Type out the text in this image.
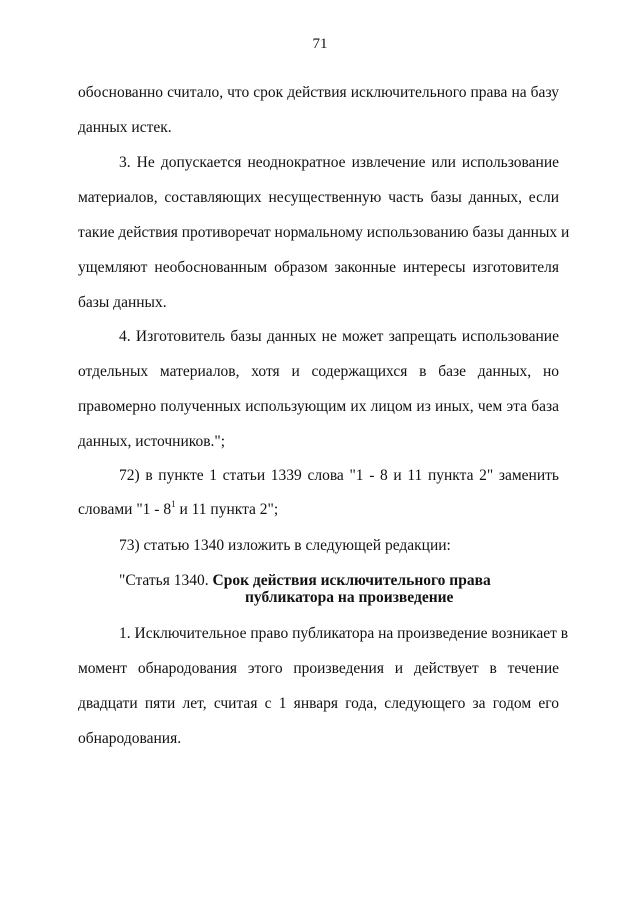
71
обоснованно считало, что срок действия исключительного права на базу
данных истек.
3. Не допускается неоднократное извлечение или использование
материалов, составляющих несущественную часть базы данных, если
такие действия противоречат нормальному использованию базы данных и
ущемляют необоснованным образом законные интересы изготовителя
базы данных.
4. Изготовитель базы данных не может запрещать использование
отдельных материалов, хотя и содержащихся в базе данных, но
правомерно полученных использующим их лицом из иных, чем эта база
данных, источников.";
72) в пункте 1 статьи 1339 слова "1 - 8 и 11 пункта 2" заменить
словами "$1 - 8^1$ и 11 пункта 2";
73) статью 1340 изложить в следующей редакции:
"Статья 1340. Срок действия исключительного права
публикатора на произведение
1. Исключительное право публикатора на произведение возникает в
момент обнародования этого произведения и действует в течение
двадцати пяти лет, считая с 1 января года, следующего за годом его
обнародования.
